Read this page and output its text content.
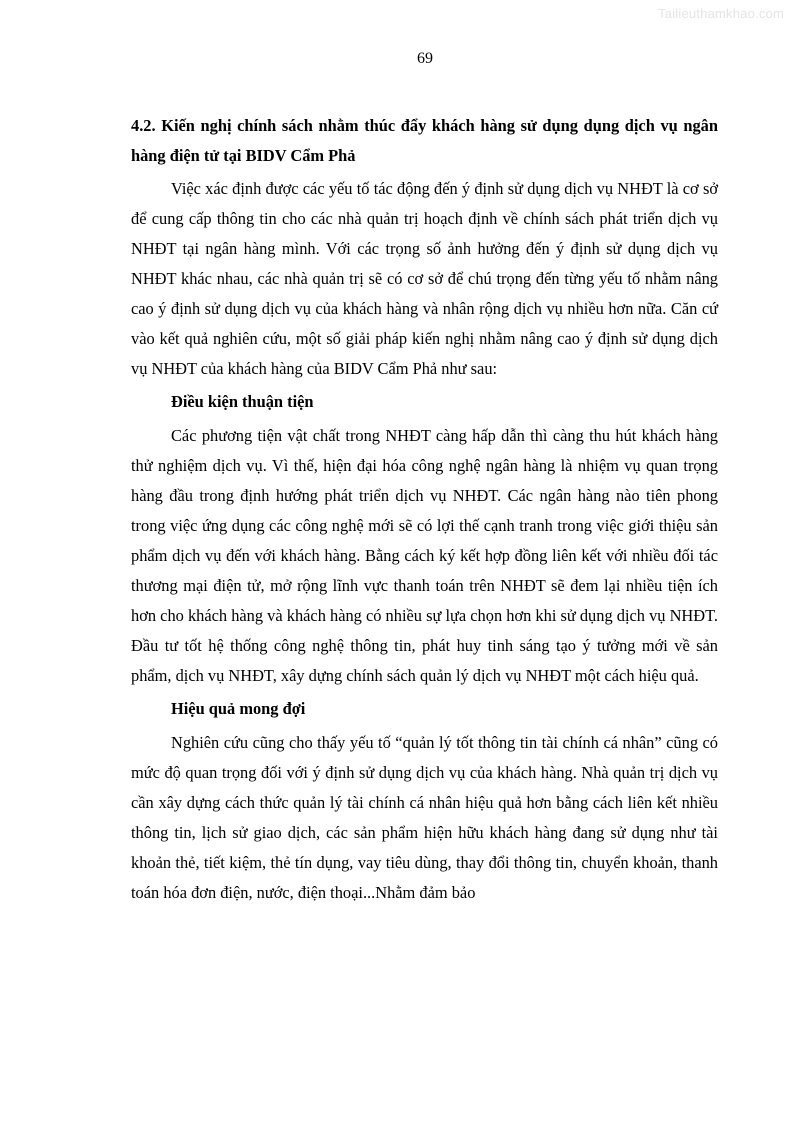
Tailieuthamkhao.com
69

4.2. Kiến nghị chính sách nhằm thúc đẩy khách hàng sử dụng dụng dịch vụ ngân hàng điện tử tại BIDV Cẩm Phả

Việc xác định được các yếu tố tác động đến ý định sử dụng dịch vụ NHĐT là cơ sở để cung cấp thông tin cho các nhà quản trị hoạch định về chính sách phát triển dịch vụ NHĐT tại ngân hàng mình. Với các trọng số ảnh hưởng đến ý định sử dụng dịch vụ NHĐT khác nhau, các nhà quản trị sẽ có cơ sở để chú trọng đến từng yếu tố nhằm nâng cao ý định sử dụng dịch vụ của khách hàng và nhân rộng dịch vụ nhiều hơn nữa. Căn cứ vào kết quả nghiên cứu, một số giải pháp kiến nghị nhằm nâng cao ý định sử dụng dịch vụ NHĐT của khách hàng của BIDV Cẩm Phả như sau:

Điều kiện thuận tiện

Các phương tiện vật chất trong NHĐT càng hấp dẫn thì càng thu hút khách hàng thử nghiệm dịch vụ. Vì thế, hiện đại hóa công nghệ ngân hàng là nhiệm vụ quan trọng hàng đầu trong định hướng phát triển dịch vụ NHĐT. Các ngân hàng nào tiên phong trong việc ứng dụng các công nghệ mới sẽ có lợi thế cạnh tranh trong việc giới thiệu sản phẩm dịch vụ đến với khách hàng. Bằng cách ký kết hợp đồng liên kết với nhiều đối tác thương mại điện tử, mở rộng lĩnh vực thanh toán trên NHĐT sẽ đem lại nhiều tiện ích hơn cho khách hàng và khách hàng có nhiều sự lựa chọn hơn khi sử dụng dịch vụ NHĐT. Đầu tư tốt hệ thống công nghệ thông tin, phát huy tinh sáng tạo ý tưởng mới về sản phẩm, dịch vụ NHĐT, xây dựng chính sách quản lý dịch vụ NHĐT một cách hiệu quả.

Hiệu quả mong đợi

Nghiên cứu cũng cho thấy yếu tố “quản lý tốt thông tin tài chính cá nhân” cũng có mức độ quan trọng đối với ý định sử dụng dịch vụ của khách hàng. Nhà quản trị dịch vụ cần xây dựng cách thức quản lý tài chính cá nhân hiệu quả hơn bằng cách liên kết nhiều thông tin, lịch sử giao dịch, các sản phẩm hiện hữu khách hàng đang sử dụng như tài khoản thẻ, tiết kiệm, thẻ tín dụng, vay tiêu dùng, thay đổi thông tin, chuyển khoản, thanh toán hóa đơn điện, nước, điện thoại...Nhằm đảm bảo
